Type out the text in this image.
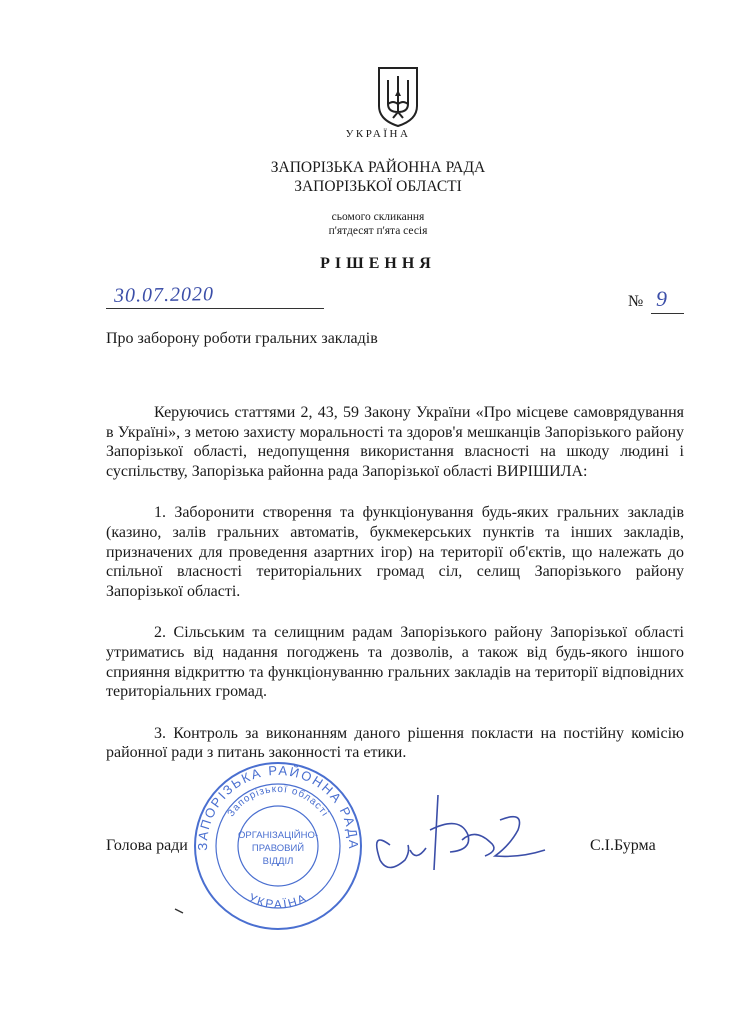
УКРАЇНА
ЗАПОРІЗЬКА РАЙОННА РАДА
ЗАПОРІЗЬКОЇ ОБЛАСТІ
сьомого скликання
п'ятдесят п'ята сесія
РІШЕННЯ
30.07.2020	№ 9
Про заборону роботи гральних закладів

Керуючись статтями 2, 43, 59 Закону України «Про місцеве самоврядування в Україні», з метою захисту моральності та здоров'я мешканців Запорізького району Запорізької області, недопущення використання власності на шкоду людині і суспільству, Запорізька районна рада Запорізької області ВИРІШИЛА:

1. Заборонити створення та функціонування будь-яких гральних закладів (казино, залів гральних автоматів, букмекерських пунктів та інших закладів, призначених для проведення азартних ігор) на території об'єктів, що належать до спільної власності територіальних громад сіл, селищ Запорізького району Запорізької області.

2. Сільським та селищним радам Запорізького району Запорізької області утриматись від надання погоджень та дозволів, а також від будь-якого іншого сприяння відкриттю та функціонуванню гральних закладів на території відповідних територіальних громад.

3. Контроль за виконанням даного рішення покласти на постійну комісію районної ради з питань законності та етики.

Голова ради	С.І.Бурма
ЗАПОРІЗЬКА РАЙОННА РАДА
Запорізької області
УКРАЇНА
ОРГАНІЗАЦІЙНО-
ПРАВОВИЙ
ВІДДІЛ
